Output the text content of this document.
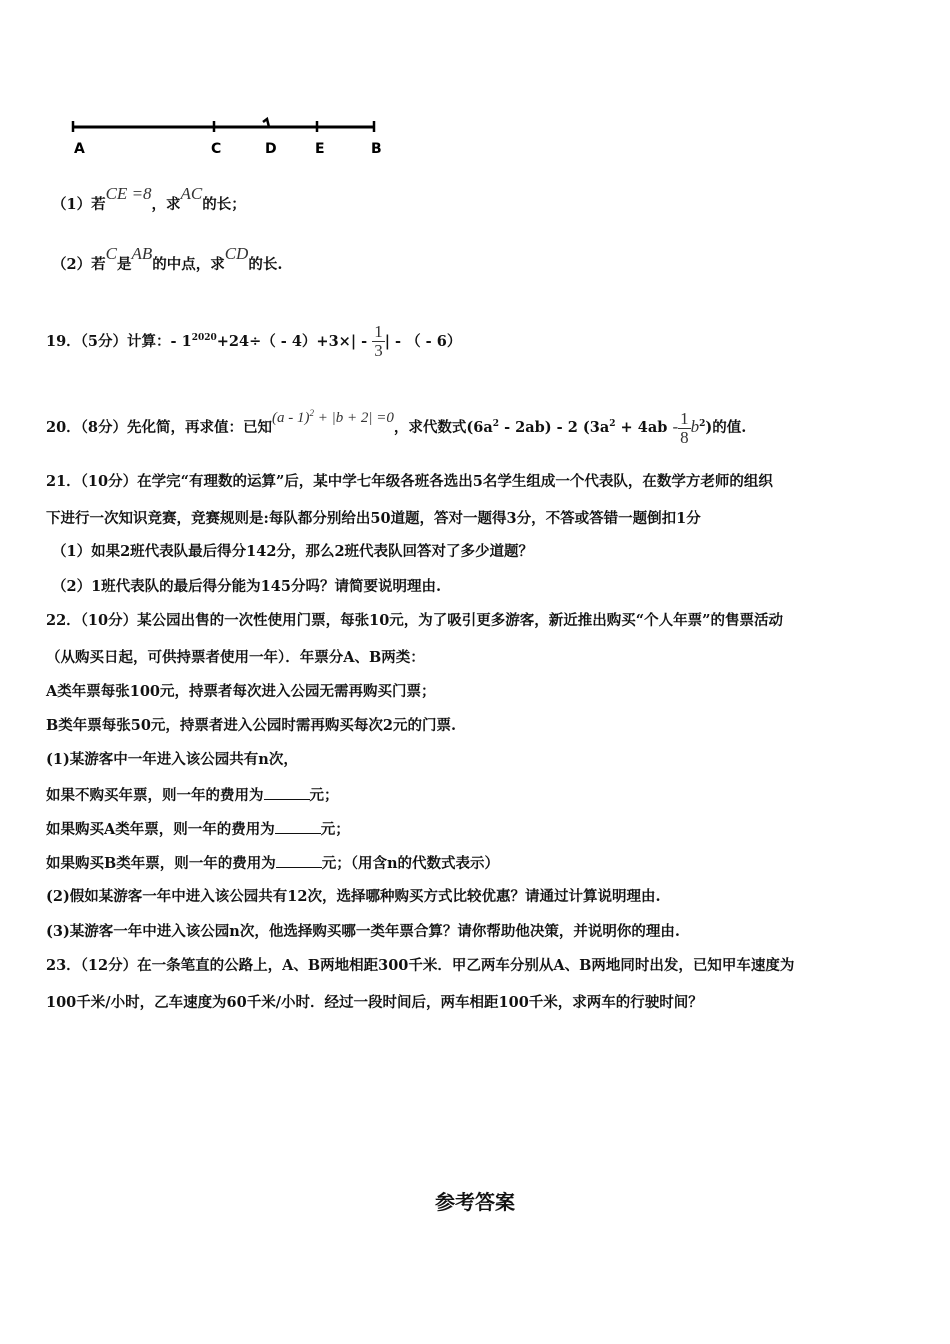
A	C	D	E	B
（1）若CE =8，求AC的长；
（2）若C是AB的中点，求CD的长.
19．（5分）计算：- $1^{2020}+24\div( - 4)+3\times| - \frac{1}{3}$ | - （ - 6）
20．（8分）先化简，再求值：已知(a - 1)$^2$ + |b + 2| =0，求代数式$(6a^2 - 2ab) - 2$ $(3a^2 + 4ab - \frac{1}{8} b^2)$的值.
21．（10分）在学完“有理数的运算”后，某中学七年级各班各选出5名学生组成一个代表队，在数学方老师的组织
下进行一次知识竞赛，竞赛规则是:每队都分别给出50道题，答对一题得3分，不答或答错一题倒扣1分
（1）如果2班代表队最后得分142分，那么2班代表队回答对了多少道题？
（2）1班代表队的最后得分能为145分吗？请简要说明理由.
22．（10分）某公园出售的一次性使用门票，每张10元，为了吸引更多游客，新近推出购买“个人年票”的售票活动
（从购买日起，可供持票者使用一年）．年票分A、B两类：
A类年票每张100元，持票者每次进入公园无需再购买门票；
B类年票每张50元，持票者进入公园时需再购买每次2元的门票.
(1)某游客中一年进入该公园共有n次，
如果不购买年票，则一年的费用为	元；
如果购买A类年票，则一年的费用为	元；
如果购买B类年票，则一年的费用为	元；（用含n的代数式表示）
(2)假如某游客一年中进入该公园共有12次，选择哪种购买方式比较优惠？请通过计算说明理由.
(3)某游客一年中进入该公园n次，他选择购买哪一类年票合算？请你帮助他决策，并说明你的理由.
23．（12分）在一条笔直的公路上，A、B两地相距300千米．甲乙两车分别从A、B两地同时出发，已知甲车速度为
100千米/小时，乙车速度为60千米/小时．经过一段时间后，两车相距100千米，求两车的行驶时间？
参考答案
